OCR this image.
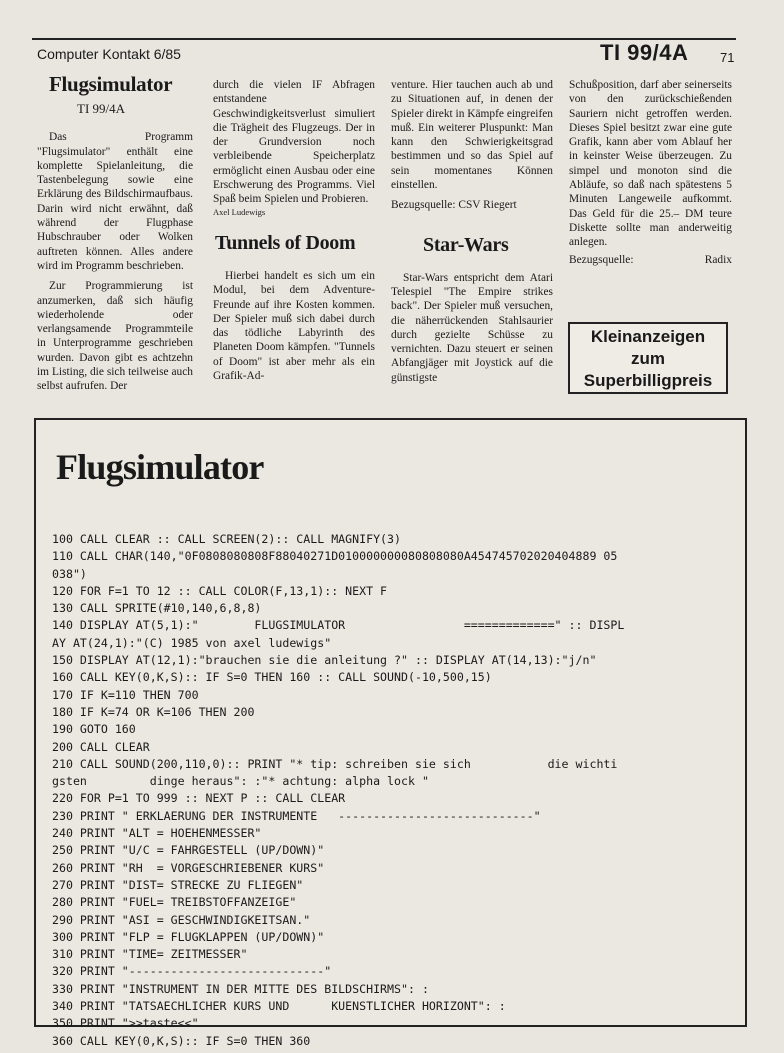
Computer Kontakt 6/85	TI 99/4A 71
Flugsimulator
TI 99/4A

Das Programm "Flugsimulator" enthält eine komplette Spielanleitung, die Tastenbelegung sowie eine Erklärung des Bildschirmaufbaus. Darin wird nicht erwähnt, daß während der Flugphase Hubschrauber oder Wolken auftreten können. Alles andere wird im Programm beschrieben.

Zur Programmierung ist anzumerken, daß sich häufig wiederholende oder verlangsamende Programmteile in Unterprogramme geschrieben wurden. Davon gibt es achtzehn im Listing, die sich teilweise auch selbst aufrufen. Der

durch die vielen IF Abfragen entstandene Geschwindigkeitsverlust simuliert die Trägheit des Flugzeugs. Der in der Grundversion noch verbleibende Speicherplatz ermöglicht einen Ausbau oder eine Erschwerung des Programms. Viel Spaß beim Spielen und Probieren.

Axel Ludewigs
Tunnels of Doom

Hierbei handelt es sich um ein Modul, bei dem Adventure-Freunde auf ihre Kosten kommen. Der Spieler muß sich dabei durch das tödliche Labyrinth des Planeten Doom kämpfen. "Tunnels of Doom" ist aber mehr als ein Grafik-Ad-

venture. Hier tauchen auch ab und zu Situationen auf, in denen der Spieler direkt in Kämpfe eingreifen muß. Ein weiterer Pluspunkt: Man kann den Schwierigkeitsgrad bestimmen und so das Spiel auf sein momentanes Können einstellen.

Bezugsquelle: CSV Riegert

Star-Wars

Star-Wars entspricht dem Atari Telespiel "The Empire strikes back". Der Spieler muß versuchen, die näherrückenden Stahlsaurier durch gezielte Schüsse zu vernichten. Dazu steuert er seinen Abfangjäger mit Joystick auf die günstigste

Schußposition, darf aber seinerseits von den zurückschießenden Sauriern nicht getroffen werden. Dieses Spiel besitzt zwar eine gute Grafik, kann aber vom Ablauf her in keinster Weise überzeugen. Zu simpel und monoton sind die Abläufe, so daß nach spätestens 5 Minuten Langeweile aufkommt. Das Geld für die 25.– DM teure Diskette sollte man anderweitig anlegen.

Bezugsquelle:	Radix
Kleinanzeigen
zum
Superbilligpreis
Flugsimulator
100 CALL CLEAR :: CALL SCREEN(2):: CALL MAGNIFY(3)
110 CALL CHAR(140,"0F0808080808F88040271D010000000080808080A454745702020404889 05
038")
120 FOR F=1 TO 12 :: CALL COLOR(F,13,1):: NEXT F
130 CALL SPRITE(#10,140,6,8,8)
140 DISPLAY AT(5,1):"        FLUGSIMULATOR                 =============" :: DISPL
AY AT(24,1):"(C) 1985 von axel ludewigs"
150 DISPLAY AT(12,1):"brauchen sie die anleitung ?" :: DISPLAY AT(14,13):"j/n"
160 CALL KEY(0,K,S):: IF S=0 THEN 160 :: CALL SOUND(-10,500,15)
170 IF K=110 THEN 700
180 IF K=74 OR K=106 THEN 200
190 GOTO 160
200 CALL CLEAR
210 CALL SOUND(200,110,0):: PRINT "* tip: schreiben sie sich           die wichti
gsten         dinge heraus": :"* achtung: alpha lock "
220 FOR P=1 TO 999 :: NEXT P :: CALL CLEAR
230 PRINT " ERKLAERUNG DER INSTRUMENTE   ----------------------------"
240 PRINT "ALT = HOEHENMESSER"
250 PRINT "U/C = FAHRGESTELL (UP/DOWN)"
260 PRINT "RH  = VORGESCHRIEBENER KURS"
270 PRINT "DIST= STRECKE ZU FLIEGEN"
280 PRINT "FUEL= TREIBSTOFFANZEIGE"
290 PRINT "ASI = GESCHWINDIGKEITSAN."
300 PRINT "FLP = FLUGKLAPPEN (UP/DOWN)"
310 PRINT "TIME= ZEITMESSER"
320 PRINT "----------------------------"
330 PRINT "INSTRUMENT IN DER MITTE DES BILDSCHIRMS": :
340 PRINT "TATSAECHLICHER KURS UND      KUENSTLICHER HORIZONT": :
350 PRINT ">>taste<<"
360 CALL KEY(0,K,S):: IF S=0 THEN 360
